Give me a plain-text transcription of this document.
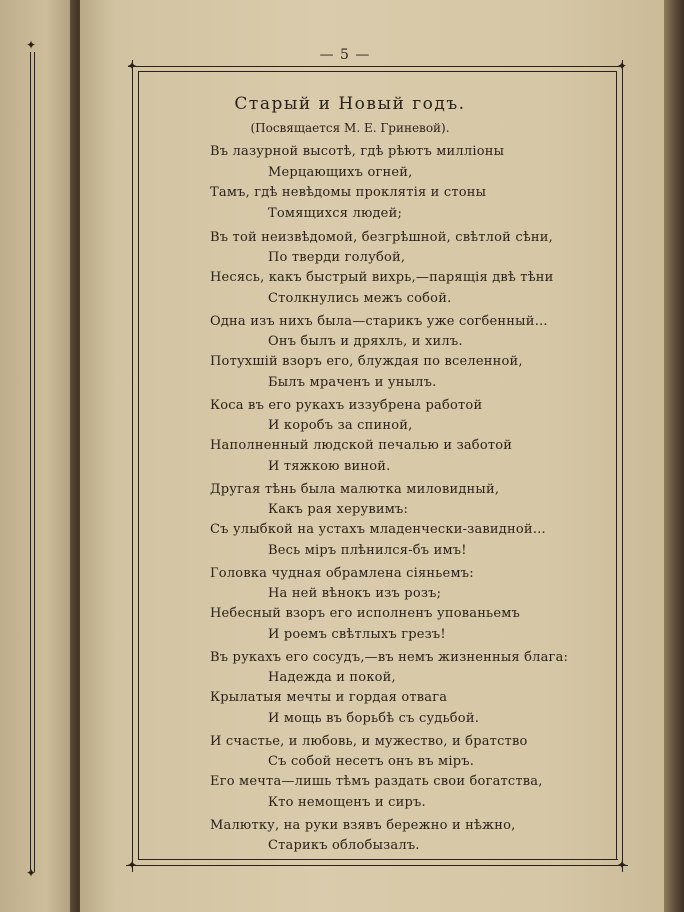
✦	✦
✦	✦
✦
✦
— 5 —
Старый и Новый годъ.
(Посвящается М. Е. Гриневой).
Въ лазурной высотѣ, гдѣ рѣютъ милліоны
Мерцающихъ огней,
Тамъ, гдѣ невѣдомы проклятія и стоны
Томящихся людей;
Въ той неизвѣдомой, безгрѣшной, свѣтлой сѣни,
По тверди голубой,
Несясь, какъ быстрый вихрь,—парящія двѣ тѣни
Столкнулись межъ собой.
Одна изъ нихъ была—старикъ уже согбенный…
Онъ былъ и дряхлъ, и хилъ.
Потухшій взоръ его, блуждая по вселенной,
Былъ мраченъ и унылъ.
Коса въ его рукахъ иззубрена работой
И коробъ за спиной,
Наполненный людской печалью и заботой
И тяжкою виной.
Другая тѣнь была малютка миловидный,
Какъ рая херувимъ:
Съ улыбкой на устахъ младенчески-завидной…
Весь міръ плѣнился-бъ имъ!
Головка чудная обрамлена сіяньемъ:
На ней вѣнокъ изъ розъ;
Небесный взоръ его исполненъ упованьемъ
И роемъ свѣтлыхъ грезъ!
Въ рукахъ его сосудъ,—въ немъ жизненныя блага:
Надежда и покой,
Крылатыя мечты и гордая отвага
И мощь въ борьбѣ съ судьбой.
И счастье, и любовь, и мужество, и братство
Съ собой несетъ онъ въ міръ.
Его мечта—лишь тѣмъ раздать свои богатства,
Кто немощенъ и сиръ.
Малютку, на руки взявъ бережно и нѣжно,
Старикъ облобызалъ.
